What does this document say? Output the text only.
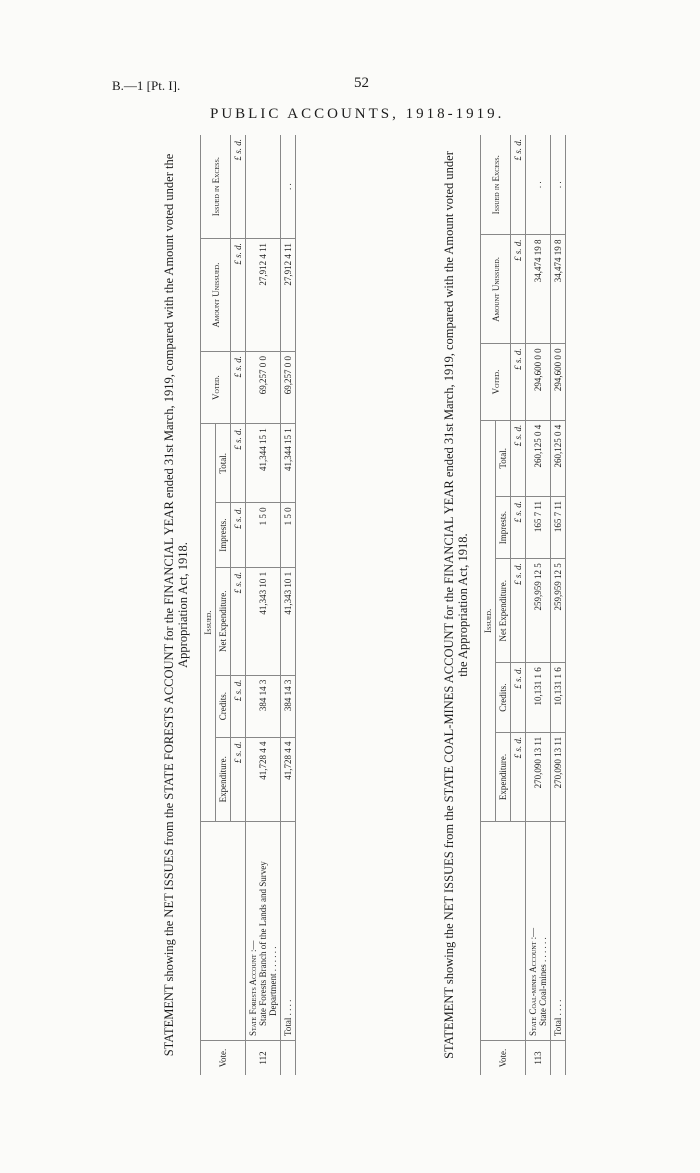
B.—1 [Pt. I].	52
PUBLIC ACCOUNTS, 1918-1919.
STATEMENT showing the NET ISSUES from the STATE FORESTS ACCOUNT for the FINANCIAL YEAR ended 31st March, 1919, compared with the Amount voted under the Appropriation Act, 1918.
Vote.		Issued.					Voted.	Amount Unissued.	Issued in Excess.
		Expenditure.	Credits.	Net Expenditure.	Imprests.	Total.			
		£ s. d.	£ s. d.	£ s. d.	£ s. d.	£ s. d.	£ s. d.	£ s. d.	£ s. d.
112	State Forests Account :— State Forests Branch of the Lands and Survey Department . . . . . .	41,728 4 4	384 14 3	41,343 10 1	1 5 0	41,344 15 1	69,257 0 0	27,912 4 11	
	Total . . . .	41,728 4 4	384 14 3	41,343 10 1	1 5 0	41,344 15 1	69,257 0 0	27,912 4 11	. .	STATEMENT showing the NET ISSUES from the STATE COAL-MINES ACCOUNT for the FINANCIAL YEAR ended 31st March, 1919, compared with the Amount voted under the Appropriation Act, 1918.
Vote.		Issued.					Voted.	Amount Unissued.	Issued in Excess.
		Expenditure.	Credits.	Net Expenditure.	Imprests.	Total.			
		£ s. d.	£ s. d.	£ s. d.	£ s. d.	£ s. d.	£ s. d.	£ s. d.	£ s. d.
113	State Coal-mines Account :— State Coal-mines . . . . . .	270,090 13 11	10,131 1 6	259,959 12 5	165 7 11	260,125 0 4	294,600 0 0	34,474 19 8	. .
	Total . . . .	270,090 13 11	10,131 1 6	259,959 12 5	165 7 11	260,125 0 4	294,600 0 0	34,474 19 8	. .
